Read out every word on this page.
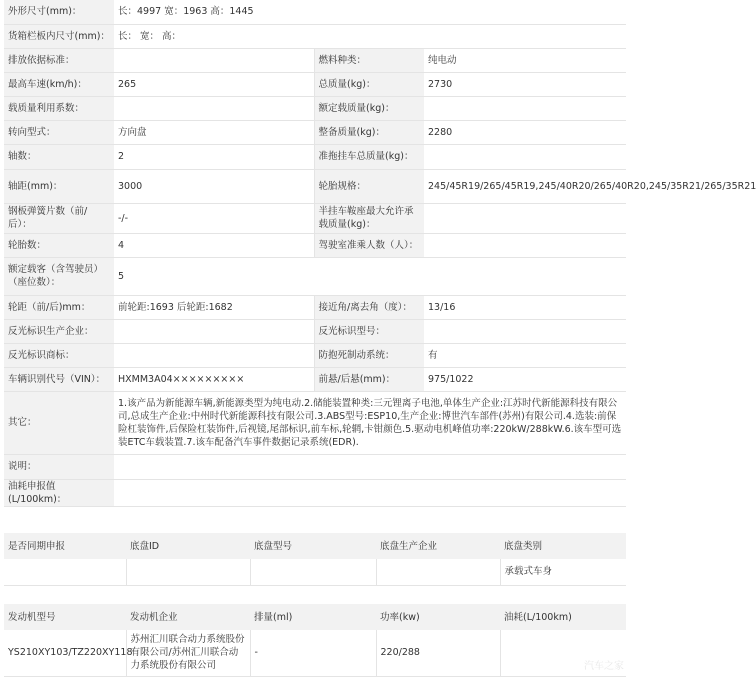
外形尺寸(mm)：	长：4997 宽：1963 高：1445		
货箱栏板内尺寸(mm)：	长： 宽： 高：		
排放依据标准：		燃料种类：	纯电动
最高车速(km/h)：	265	总质量(kg)：	2730
载质量利用系数：		额定载质量(kg)：	
转向型式：	方向盘	整备质量(kg)：	2280
轴数：	2	准拖挂车总质量(kg)：	
轴距(mm)：	3000	轮胎规格：	245/45R19/265/45R19,245/40R20/265/40R20,245/35R21/265/35R21
钢板弹簧片数（前/后）：	-/-	半挂车鞍座最大允许承载质量(kg)：	
轮胎数：	4	驾驶室准乘人数（人）：	
额定载客（含驾驶员）（座位数）：	5		
轮距（前/后)mm：	前轮距:1693 后轮距:1682	接近角/离去角（度）：	13/16
反光标识生产企业：		反光标识型号：	
反光标识商标：		防抱死制动系统：	有
车辆识别代号（VIN）：	HXMM3A04×××××××××	前悬/后悬(mm)：	975/1022
其它：	1.该产品为新能源车辆,新能源类型为纯电动.2.储能装置种类:三元锂离子电池,单体生产企业:江苏时代新能源科技有限公司,总成生产企业:中州时代新能源科技有限公司.3.ABS型号:ESP10,生产企业:博世汽车部件(苏州)有限公司.4.选装:前保险杠装饰件,后保险杠装饰件,后视镜,尾部标识,前车标,轮辋,卡钳颜色.5.驱动电机峰值功率:220kW/288kW.6.该车型可选装ETC车载装置.7.该车配备汽车事件数据记录系统(EDR).		
说明：			
油耗申报值(L/100km)：			
是否同期申报	底盘ID	底盘型号	底盘生产企业	底盘类别
				承载式车身
发动机型号	发动机企业	排量(ml)	功率(kw)	油耗(L/100km)
YS210XY103/TZ220XY118	苏州汇川联合动力系统股份有限公司/苏州汇川联合动力系统股份有限公司	-	220/288	
汽车之家
